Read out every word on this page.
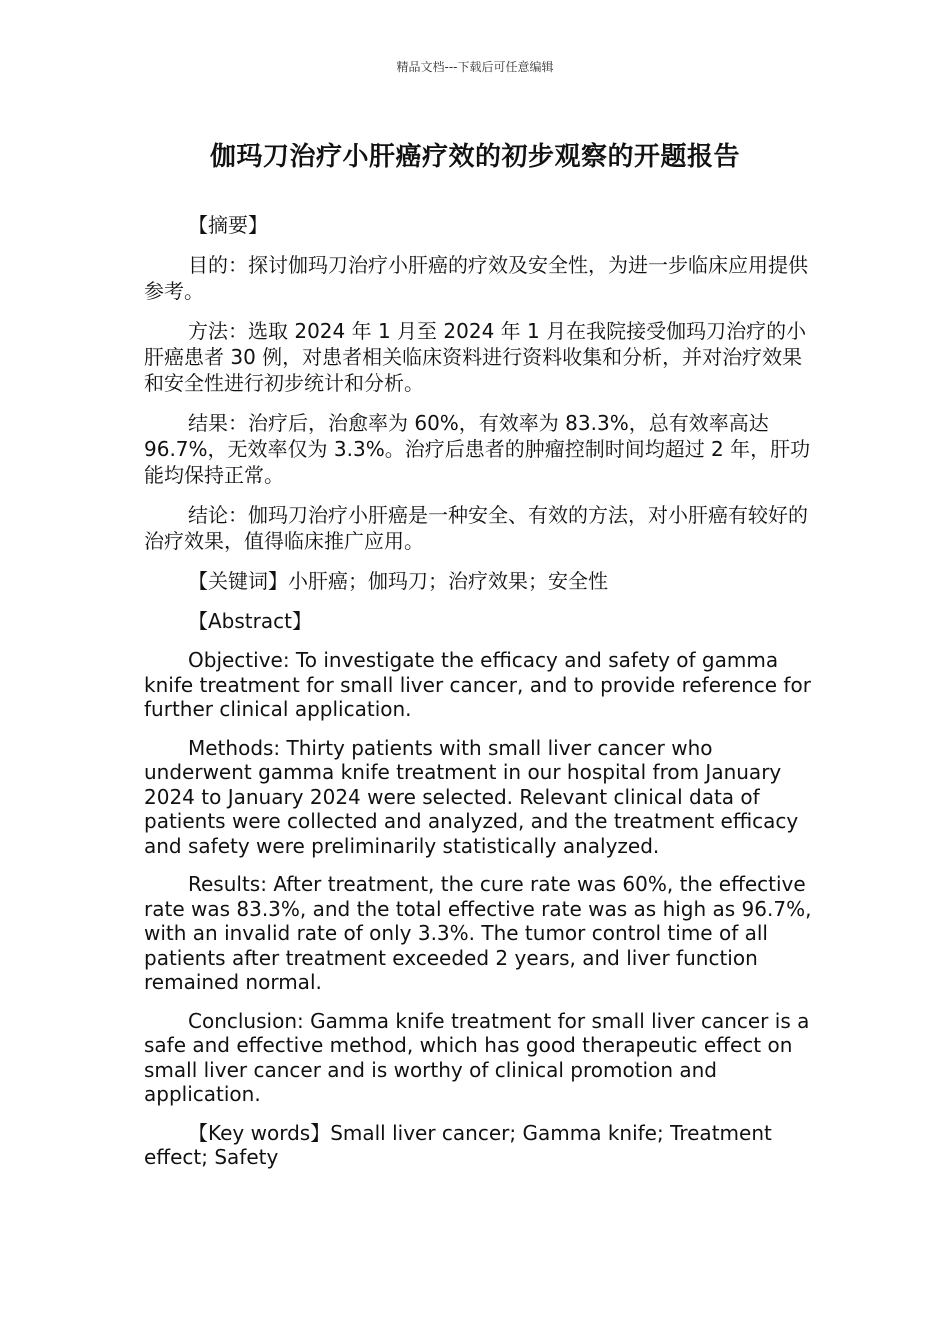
精品文档---下载后可任意编辑
伽玛刀治疗小肝癌疗效的初步观察的开题报告

【摘要】

目的：探讨伽玛刀治疗小肝癌的疗效及安全性，为进一步临床应用提供参考。

方法：选取 2024 年 1 月至 2024 年 1 月在我院接受伽玛刀治疗的小肝癌患者 30 例，对患者相关临床资料进行资料收集和分析，并对治疗效果和安全性进行初步统计和分析。

结果：治疗后，治愈率为 60%，有效率为 83.3%，总有效率高达 96.7%，无效率仅为 3.3%。治疗后患者的肿瘤控制时间均超过 2 年，肝功能均保持正常。

结论：伽玛刀治疗小肝癌是一种安全、有效的方法，对小肝癌有较好的治疗效果，值得临床推广应用。

【关键词】小肝癌；伽玛刀；治疗效果；安全性

【Abstract】

Objective: To investigate the efficacy and safety of gamma knife treatment for small liver cancer, and to provide reference for further clinical application.

Methods: Thirty patients with small liver cancer who underwent gamma knife treatment in our hospital from January 2024 to January 2024 were selected. Relevant clinical data of patients were collected and analyzed, and the treatment efficacy and safety were preliminarily statistically analyzed.

Results: After treatment, the cure rate was 60%, the effective rate was 83.3%, and the total effective rate was as high as 96.7%, with an invalid rate of only 3.3%. The tumor control time of all patients after treatment exceeded 2 years, and liver function remained normal.

Conclusion: Gamma knife treatment for small liver cancer is a safe and effective method, which has good therapeutic effect on small liver cancer and is worthy of clinical promotion and application.

【Key words】Small liver cancer; Gamma knife; Treatment effect; Safety
